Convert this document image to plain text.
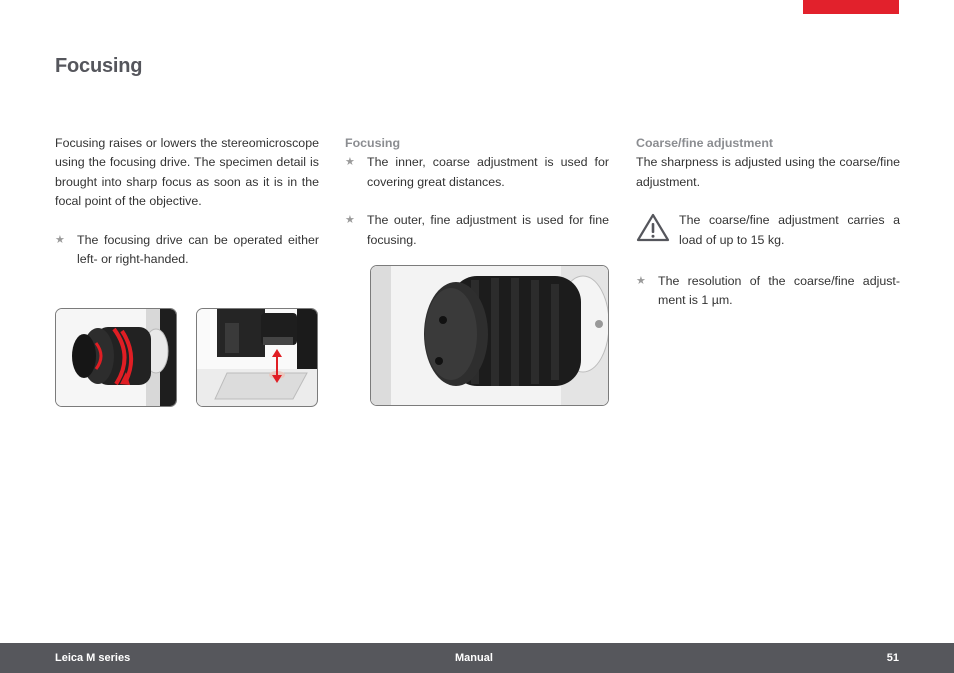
Focusing

Focusing raises or lowers the stereomicroscope using the focusing drive. The specimen detail is brought into sharp focus as soon as it is in the focal point of the objective.

★ The focusing drive can be operated either left- or right-handed.

Focusing

★ The inner, coarse adjustment is used for covering great distances.

★ The outer, fine adjustment is used for fine focusing.

Coarse/fine adjustment

The sharpness is adjusted using the coarse/fine adjustment.

The coarse/fine adjustment carries a load of up to 15 kg.

★ The resolution of the coarse/fine adjust-ment is 1 µm.

Leica M series	Manual	51
